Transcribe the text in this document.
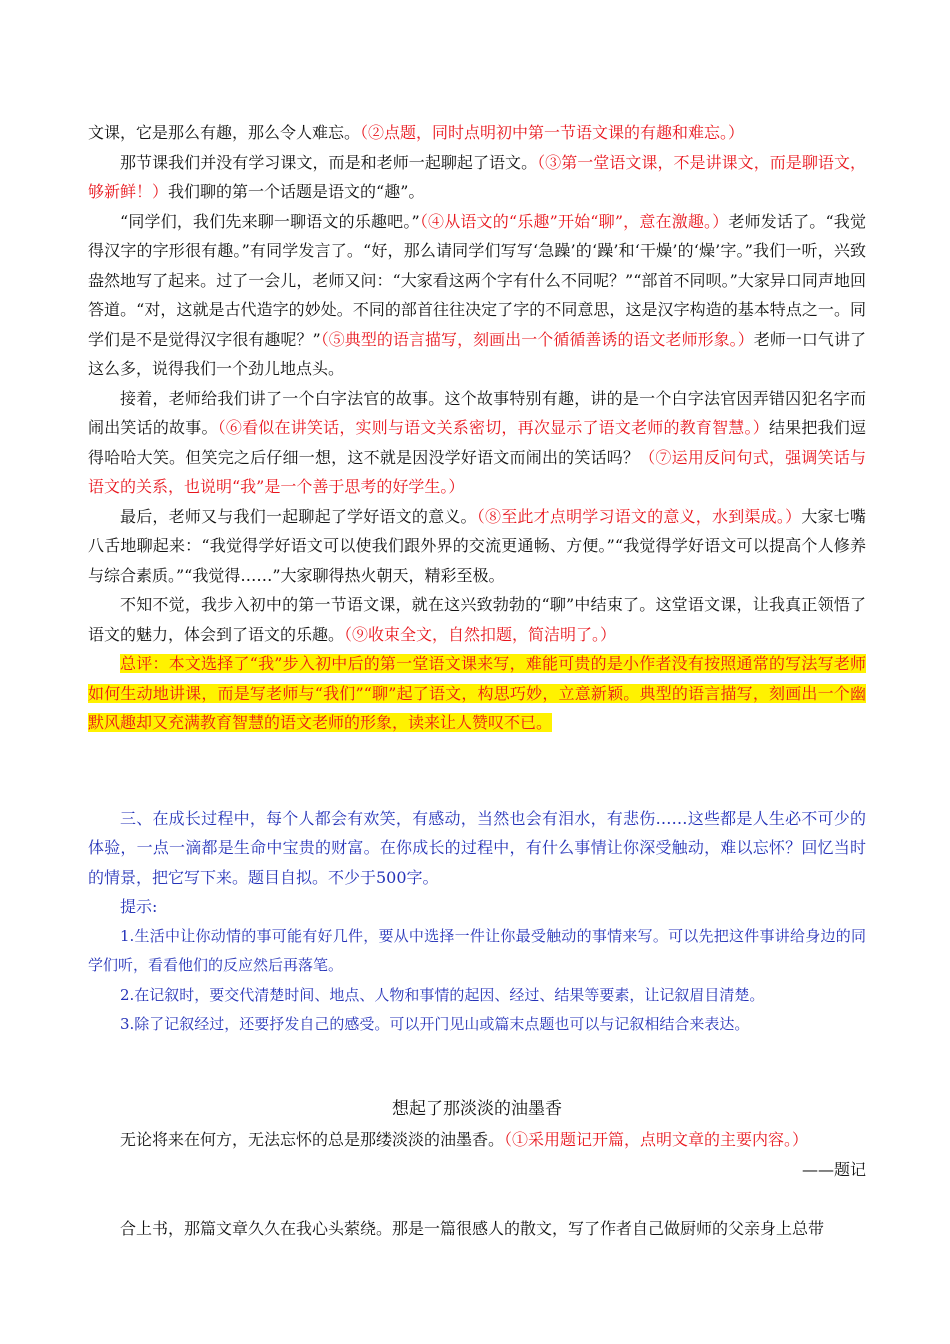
文课，它是那么有趣，那么令人难忘。（②点题，同时点明初中第一节语文课的有趣和难忘。）

那节课我们并没有学习课文，而是和老师一起聊起了语文。（③第一堂语文课，不是讲课文，而是聊语文，够新鲜！）我们聊的第一个话题是语文的“趣”。

“同学们，我们先来聊一聊语文的乐趣吧。”（④从语文的“乐趣”开始“聊”，意在激趣。）老师发话了。“我觉得汉字的字形很有趣。”有同学发言了。“好，那么请同学们写写‘急躁’的‘躁’和‘干燥’的‘燥’字。”我们一听，兴致盎然地写了起来。过了一会儿，老师又问：“大家看这两个字有什么不同呢？”“部首不同呗。”大家异口同声地回答道。“对，这就是古代造字的妙处。不同的部首往往决定了字的不同意思，这是汉字构造的基本特点之一。同学们是不是觉得汉字很有趣呢？”（⑤典型的语言描写，刻画出一个循循善诱的语文老师形象。）老师一口气讲了这么多，说得我们一个劲儿地点头。

接着，老师给我们讲了一个白字法官的故事。这个故事特别有趣，讲的是一个白字法官因弄错囚犯名字而闹出笑话的故事。（⑥看似在讲笑话，实则与语文关系密切，再次显示了语文老师的教育智慧。）结果把我们逗得哈哈大笑。但笑完之后仔细一想，这不就是因没学好语文而闹出的笑话吗？（⑦运用反问句式，强调笑话与语文的关系，也说明“我”是一个善于思考的好学生。）

最后，老师又与我们一起聊起了学好语文的意义。（⑧至此才点明学习语文的意义，水到渠成。）大家七嘴八舌地聊起来：“我觉得学好语文可以使我们跟外界的交流更通畅、方便。”“我觉得学好语文可以提高个人修养与综合素质。”“我觉得……”大家聊得热火朝天，精彩至极。

不知不觉，我步入初中的第一节语文课，就在这兴致勃勃的“聊”中结束了。这堂语文课，让我真正领悟了语文的魅力，体会到了语文的乐趣。（⑨收束全文，自然扣题，简洁明了。）

总评：本文选择了“我”步入初中后的第一堂语文课来写，难能可贵的是小作者没有按照通常的写法写老师如何生动地讲课，而是写老师与“我们”“聊”起了语文，构思巧妙，立意新颖。典型的语言描写，刻画出一个幽默风趣却又充满教育智慧的语文老师的形象，读来让人赞叹不已。

三、在成长过程中，每个人都会有欢笑，有感动，当然也会有泪水，有悲伤……这些都是人生必不可少的体验，一点一滴都是生命中宝贵的财富。在你成长的过程中，有什么事情让你深受触动，难以忘怀？回忆当时的情景，把它写下来。题目自拟。不少于500字。

提示:

1.生活中让你动情的事可能有好几件，要从中选择一件让你最受触动的事情来写。可以先把这件事讲给身边的同学们听，看看他们的反应然后再落笔。

2.在记叙时，要交代清楚时间、地点、人物和事情的起因、经过、结果等要素，让记叙眉目清楚。

3.除了记叙经过，还要抒发自己的感受。可以开门见山或篇末点题也可以与记叙相结合来表达。

想起了那淡淡的油墨香

无论将来在何方，无法忘怀的总是那缕淡淡的油墨香。（①采用题记开篇，点明文章的主要内容。）

——题记

合上书，那篇文章久久在我心头萦绕。那是一篇很感人的散文，写了作者自己做厨师的父亲身上总带
